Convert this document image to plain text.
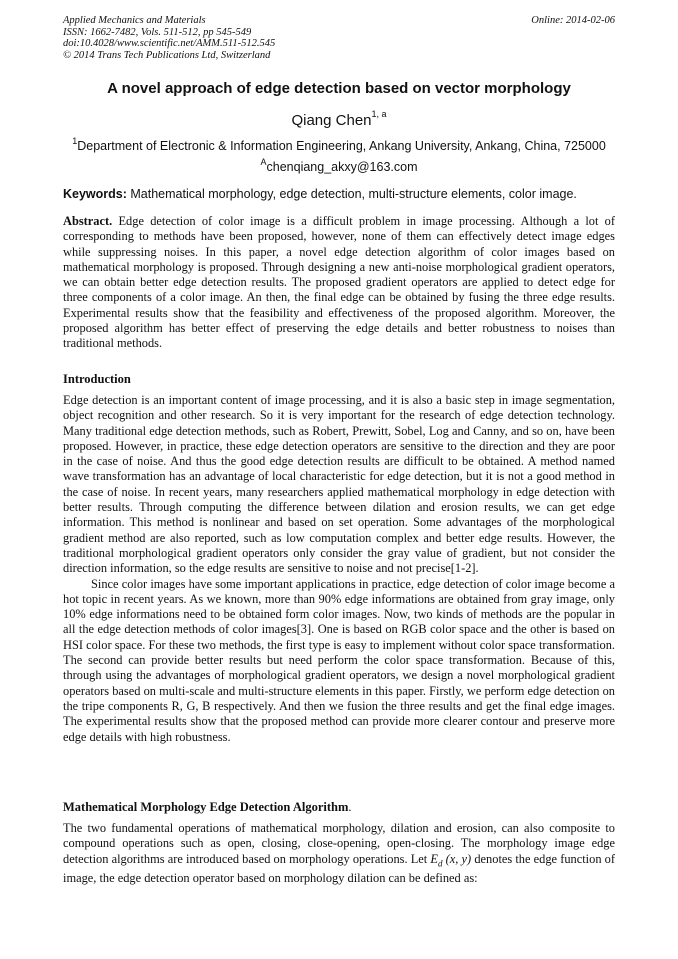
Applied Mechanics and Materials
ISSN: 1662-7482, Vols. 511-512, pp 545-549
doi:10.4028/www.scientific.net/AMM.511-512.545
© 2014 Trans Tech Publications Ltd, Switzerland
Online: 2014-02-06
A novel approach of edge detection based on vector morphology
Qiang Chen$^{1, a}$
$^1$Department of Electronic & Information Engineering, Ankang University, Ankang, China, 725000
$^A$chenqiang_akxy@163.com
Keywords: Mathematical morphology, edge detection, multi-structure elements, color image.

Abstract. Edge detection of color image is a difficult problem in image processing. Although a lot of corresponding to methods have been proposed, however, none of them can effectively detect image edges while suppressing noises. In this paper, a novel edge detection algorithm of color images based on mathematical morphology is proposed. Through designing a new anti-noise morphological gradient operators, we can obtain better edge detection results. The proposed gradient operators are applied to detect edge for three components of a color image. An then, the final edge can be obtained by fusing the three edge results. Experimental results show that the feasibility and effectiveness of the proposed algorithm. Moreover, the proposed algorithm has better effect of preserving the edge details and better robustness to noises than traditional methods.

Introduction

Edge detection is an important content of image processing, and it is also a basic step in image segmentation, object recognition and other research. So it is very important for the research of edge detection technology. Many traditional edge detection methods, such as Robert, Prewitt, Sobel, Log and Canny, and so on, have been proposed. However, in practice, these edge detection operators are sensitive to the direction and they are poor in the case of noise. And thus the good edge detection results are difficult to be obtained. A method named wave transformation has an advantage of local characteristic for edge detection, but it is not a good method in the case of noise. In recent years, many researchers applied mathematical morphology in edge detection with better results. Through computing the difference between dilation and erosion results, we can get edge information. This method is nonlinear and based on set operation. Some advantages of the morphological gradient method are also reported, such as low computation complex and better edge results. However, the traditional morphological gradient operators only consider the gray value of gradient, but not consider the direction information, so the edge results are sensitive to noise and not precise[1-2].

Since color images have some important applications in practice, edge detection of color image become a hot topic in recent years. As we known, more than 90% edge informations are obtained from gray image, only 10% edge informations need to be obtained form color images. Now, two kinds of methods are the popular in all the edge detection methods of color images[3]. One is based on RGB color space and the other is based on HSI color space. For these two methods, the first type is easy to implement without color space transformation. The second can provide better results but need perform the color space transformation. Because of this, through using the advantages of morphological gradient operators, we design a novel morphological gradient operators based on multi-scale and multi-structure elements in this paper. Firstly, we perform edge detection on the tripe components R, G, B respectively. And then we fusion the three results and get the final edge images. The experimental results show that the proposed method can provide more clearer contour and preserve more edge details with high robustness.

Mathematical Morphology Edge Detection Algorithm.

The two fundamental operations of mathematical morphology, dilation and erosion, can also composite to compound operations such as open, closing, close-opening, open-closing. The morphology image edge detection algorithms are introduced based on morphology operations. Let $E_d$ (x, y) denotes the edge function of image, the edge detection operator based on morphology dilation can be defined as:
